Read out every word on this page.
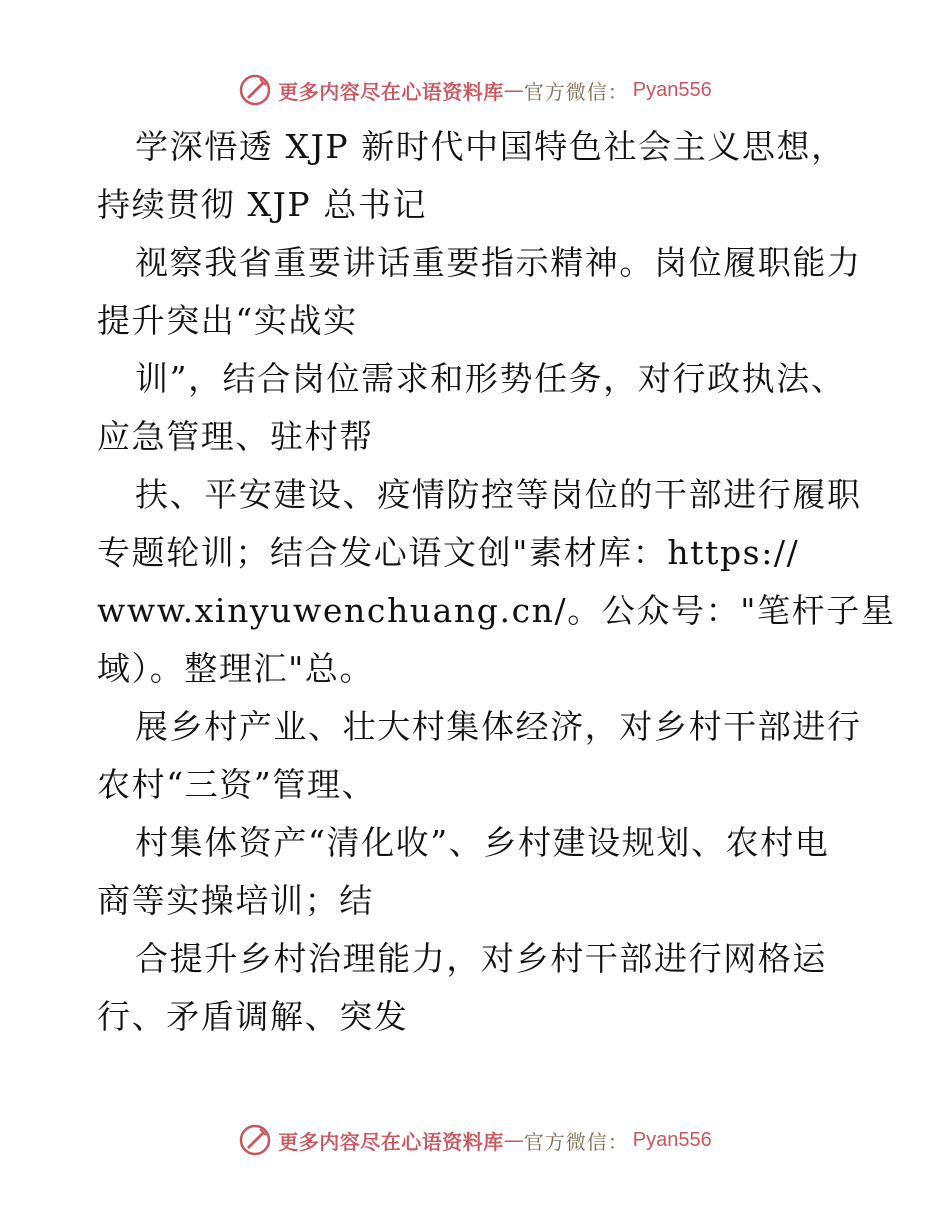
更多内容尽在心语资料库 — 官方微信： Pyan556
学深悟透 XJP 新时代中国特色社会主义思想，
持续贯彻 XJP 总书记
视察我省重要讲话重要指示精神。岗位履职能力
提升突出“实战实
训”，结合岗位需求和形势任务，对行政执法、
应急管理、驻村帮
扶、平安建设、疫情防控等岗位的干部进行履职
专题轮训；结合发心语文创"素材库：https://
www.xinyuwenchuang.cn/。公众号："笔杆子星
域）。整理汇"总。
展乡村产业、壮大村集体经济，对乡村干部进行
农村“三资”管理、
村集体资产“清化收”、乡村建设规划、农村电
商等实操培训；结
合提升乡村治理能力，对乡村干部进行网格运
行、矛盾调解、突发
更多内容尽在心语资料库 — 官方微信： Pyan556
